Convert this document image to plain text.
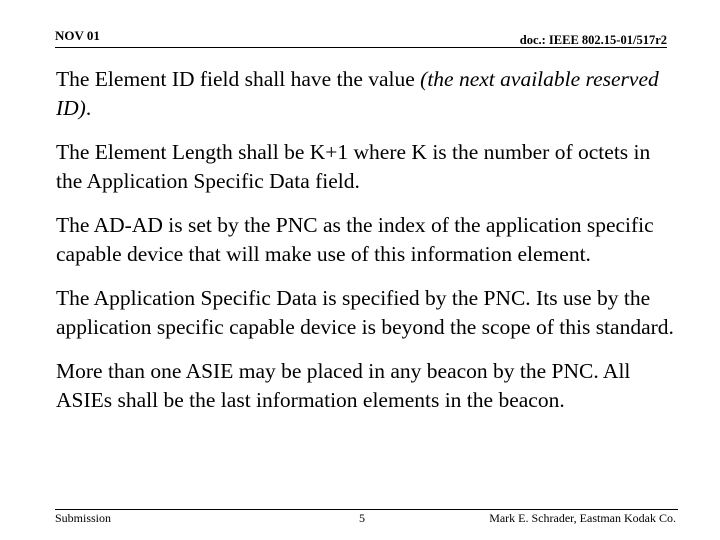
NOV 01	doc.: IEEE 802.15-01/517r2

The Element ID field shall have the value (the next available reserved ID).

The Element Length shall be K+1 where K is the number of octets in the Application Specific Data field.

The AD-AD is set by the PNC as the index of the application specific capable device that will make use of this information element.

The Application Specific Data is specified by the PNC. Its use by the application specific capable device is beyond the scope of this standard.

More than one ASIE may be placed in any beacon by the PNC. All ASIEs shall be the last information elements in the beacon.

Submission	5	Mark E. Schrader, Eastman Kodak Co.
